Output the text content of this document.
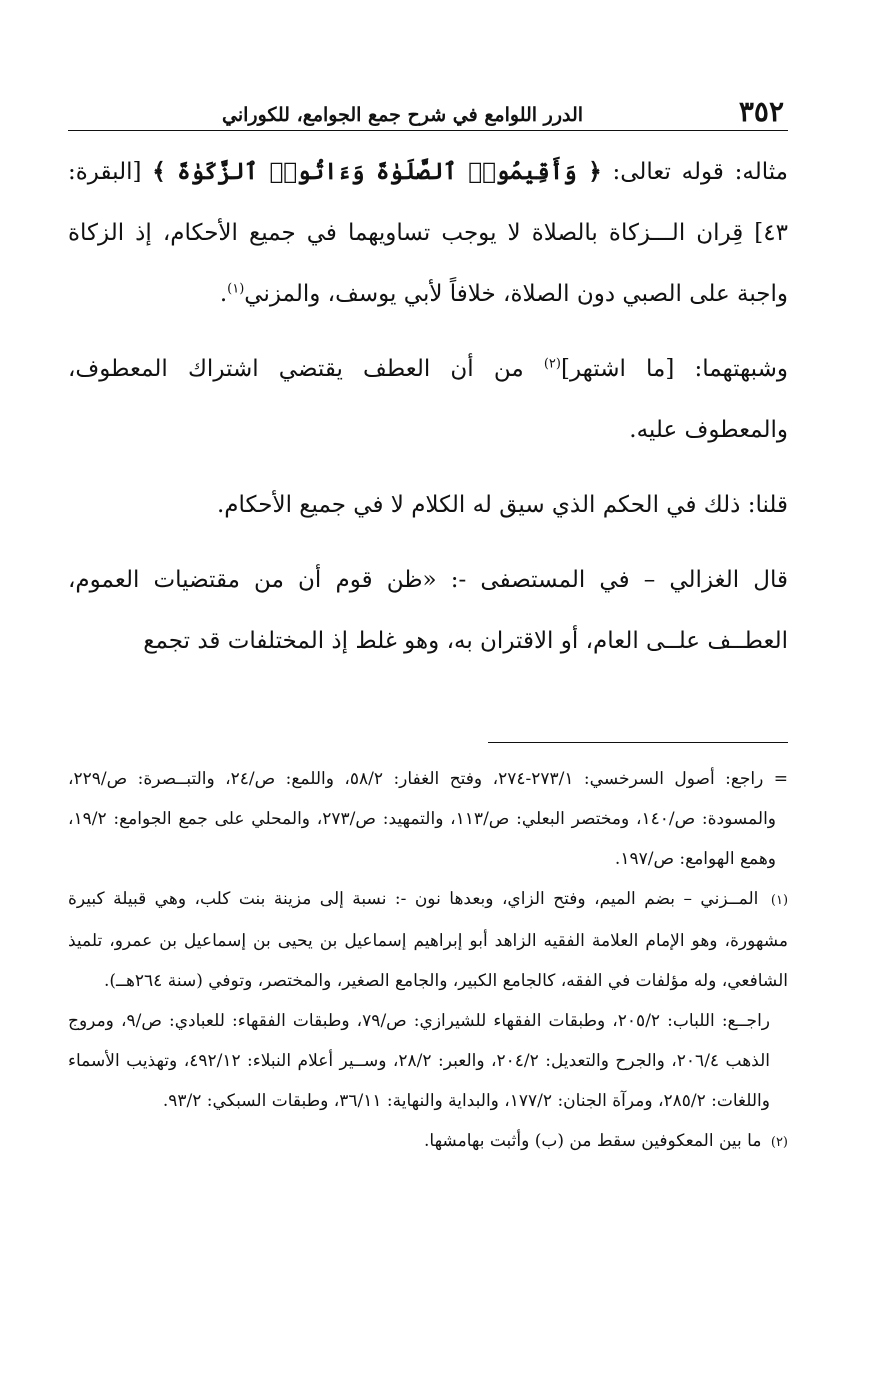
٣٥٢
الدرر اللوامع في شرح جمع الجوامع، للكوراني

مثاله: قوله تعالى: ﴿ وَأَقِيمُوا۟ ٱلصَّلَوٰةَ وَءَاتُوا۟ ٱلزَّكَوٰةَ ﴾ [البقرة: ٤٣] قِران الـــزكاة بالصلاة لا يوجب تساويهما في جميع الأحكام، إذ الزكاة واجبة على الصبي دون الصلاة، خلافاً لأبي يوسف، والمزني$^{(١)}$.

وشبهتهما: [ما اشتهر]$^{(٢)}$ من أن العطف يقتضي اشتراك المعطوف، والمعطوف عليه.

قلنا: ذلك في الحكم الذي سيق له الكلام لا في جميع الأحكام.

قال الغزالي – في المستصفى -: «ظن قوم أن من مقتضيات العموم، العطــف علــى العام، أو الاقتران به، وهو غلط إذ المختلفات قد تجمع

= راجع: أصول السرخسي: ٢٧٣/١-٢٧٤، وفتح الغفار: ٥٨/٢، واللمع: ص/٢٤، والتبــصرة: ص/٢٢٩، والمسودة: ص/١٤٠، ومختصر البعلي: ص/١١٣، والتمهيد: ص/٢٧٣، والمحلي على جمع الجوامع: ١٩/٢، وهمع الهوامع: ص/١٩٧.

(١) المــزني – بضم الميم، وفتح الزاي، وبعدها نون -: نسبة إلى مزينة بنت كلب، وهي قبيلة كبيرة مشهورة، وهو الإمام العلامة الفقيه الزاهد أبو إبراهيم إسماعيل بن يحيى بن إسماعيل بن عمرو، تلميذ الشافعي، وله مؤلفات في الفقه، كالجامع الكبير، والجامع الصغير، والمختصر، وتوفي (سنة ٢٦٤هــ).

راجــع: اللباب: ٢٠٥/٢، وطبقات الفقهاء للشيرازي: ص/٧٩، وطبقات الفقهاء: للعبادي: ص/٩، ومروج الذهب ٢٠٦/٤، والجرح والتعديل: ٢٠٤/٢، والعبر: ٢٨/٢، وســير أعلام النبلاء: ٤٩٢/١٢، وتهذيب الأسماء واللغات: ٢٨٥/٢، ومرآة الجنان: ١٧٧/٢، والبداية والنهاية: ٣٦/١١، وطبقات السبكي: ٩٣/٢.

(٢) ما بين المعكوفين سقط من (ب) وأثبت بهامشها.
